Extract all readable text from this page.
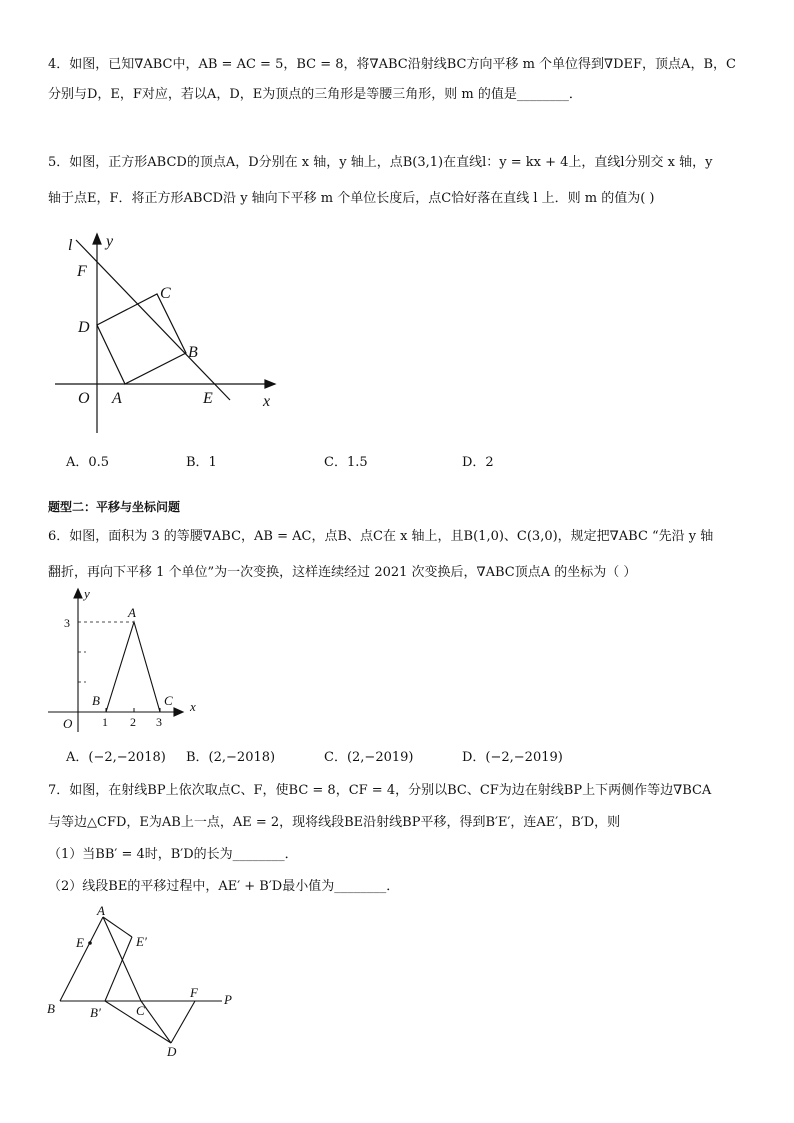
4．如图，已知∇ABC中，AB = AC = 5，BC = 8，将∇ABC沿射线BC方向平移 m 个单位得到∇DEF，顶点A，B，C
分别与D，E，F对应，若以A，D，E为顶点的三角形是等腰三角形，则 m 的值是________．
5．如图，正方形ABCD的顶点A，D分别在 x 轴，y 轴上，点B(3,1)在直线l：y = kx + 4上，直线l分别交 x 轴，y
轴于点E，F．将正方形ABCD沿 y 轴向下平移 m 个单位长度后，点C恰好落在直线 l 上．则 m 的值为( )
l y
F
C
D
B
O A	E	x
A．0.5	B．1	C．1.5	D．2
题型二：平移与坐标问题
6．如图，面积为 3 的等腰∇ABC，AB = AC，点B、点C在 x 轴上，且B(1,0)、C(3,0)，规定把∇ABC “先沿 y 轴
翻折，再向下平移 1 个单位”为一次变换，这样连续经过 2021 次变换后，∇ABC顶点A 的坐标为（ ）
y
A
3
B	C x
O 1 2 3
A．(−2,−2018) B．(2,−2018)	C．(2,−2019)	D．(−2,−2019)
7．如图，在射线BP上依次取点C、F，使BC = 8，CF = 4，分别以BC、CF为边在射线BP上下两侧作等边∇BCA
与等边△CFD，E为AB上一点，AE = 2，现将线段BE沿射线BP平移，得到B′E′，连AE′，B′D，则
（1）当BB′ = 4时，B′D的长为________．
（2）线段BE的平移过程中，AE′ + B′D最小值为________．
A
E	E′
B	B′	C
F P
D
